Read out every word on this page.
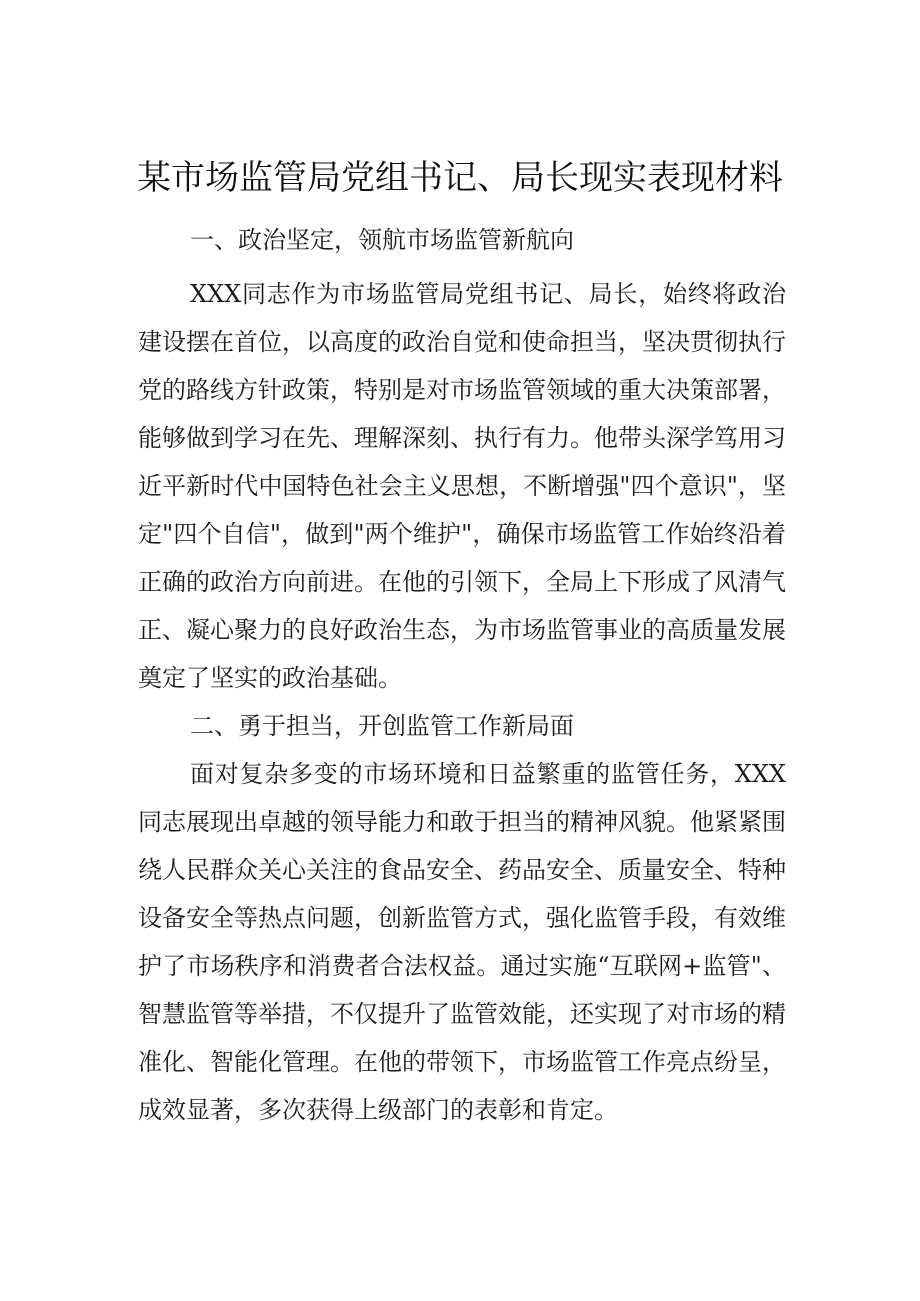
某市场监管局党组书记、局长现实表现材料

一、政治坚定，领航市场监管新航向

XXX同志作为市场监管局党组书记、局长，始终将政治建设摆在首位，以高度的政治自觉和使命担当，坚决贯彻执行党的路线方针政策，特别是对市场监管领域的重大决策部署，能够做到学习在先、理解深刻、执行有力。他带头深学笃用习近平新时代中国特色社会主义思想，不断增强"四个意识"，坚定"四个自信"，做到"两个维护"，确保市场监管工作始终沿着正确的政治方向前进。在他的引领下，全局上下形成了风清气正、凝心聚力的良好政治生态，为市场监管事业的高质量发展奠定了坚实的政治基础。

二、勇于担当，开创监管工作新局面

面对复杂多变的市场环境和日益繁重的监管任务，XXX同志展现出卓越的领导能力和敢于担当的精神风貌。他紧紧围绕人民群众关心关注的食品安全、药品安全、质量安全、特种设备安全等热点问题，创新监管方式，强化监管手段，有效维护了市场秩序和消费者合法权益。通过实施“互联网+监管"、智慧监管等举措，不仅提升了监管效能，还实现了对市场的精准化、智能化管理。在他的带领下，市场监管工作亮点纷呈，成效显著，多次获得上级部门的表彰和肯定。
